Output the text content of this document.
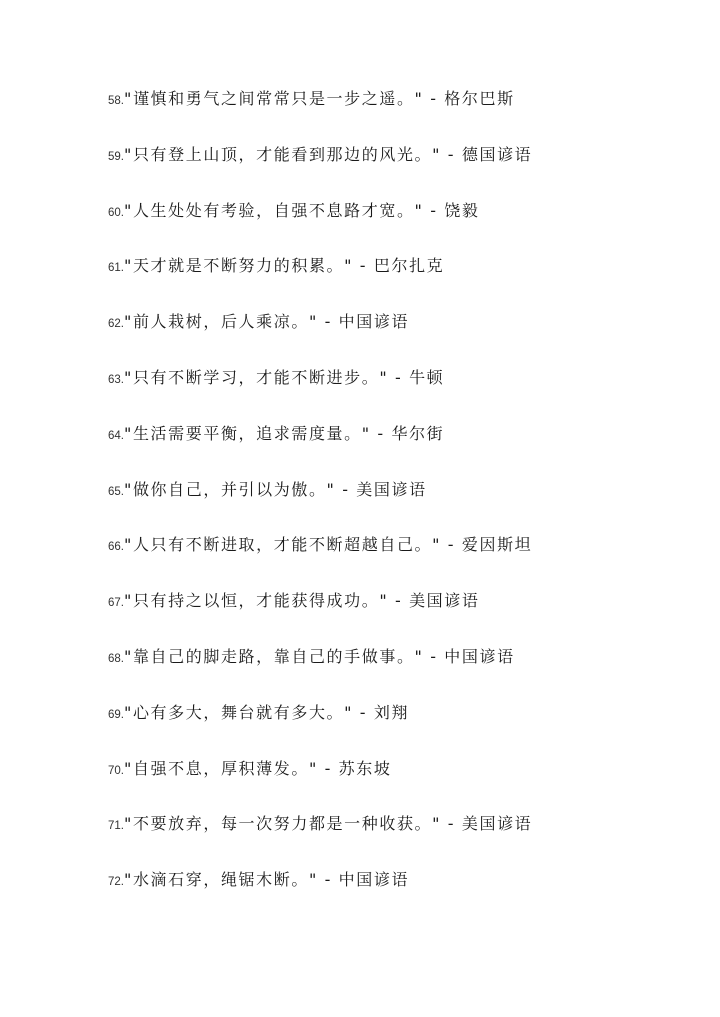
58."谨慎和勇气之间常常只是一步之遥。" - 格尔巴斯
59."只有登上山顶，才能看到那边的风光。" - 德国谚语
60."人生处处有考验，自强不息路才宽。" - 饶毅
61."天才就是不断努力的积累。" - 巴尔扎克
62."前人栽树，后人乘凉。" - 中国谚语
63."只有不断学习，才能不断进步。" - 牛顿
64."生活需要平衡，追求需度量。" - 华尔街
65."做你自己，并引以为傲。" - 美国谚语
66."人只有不断进取，才能不断超越自己。" - 爱因斯坦
67."只有持之以恒，才能获得成功。" - 美国谚语
68."靠自己的脚走路，靠自己的手做事。" - 中国谚语
69."心有多大，舞台就有多大。" - 刘翔
70."自强不息，厚积薄发。" - 苏东坡
71."不要放弃，每一次努力都是一种收获。" - 美国谚语
72."水滴石穿，绳锯木断。" - 中国谚语
